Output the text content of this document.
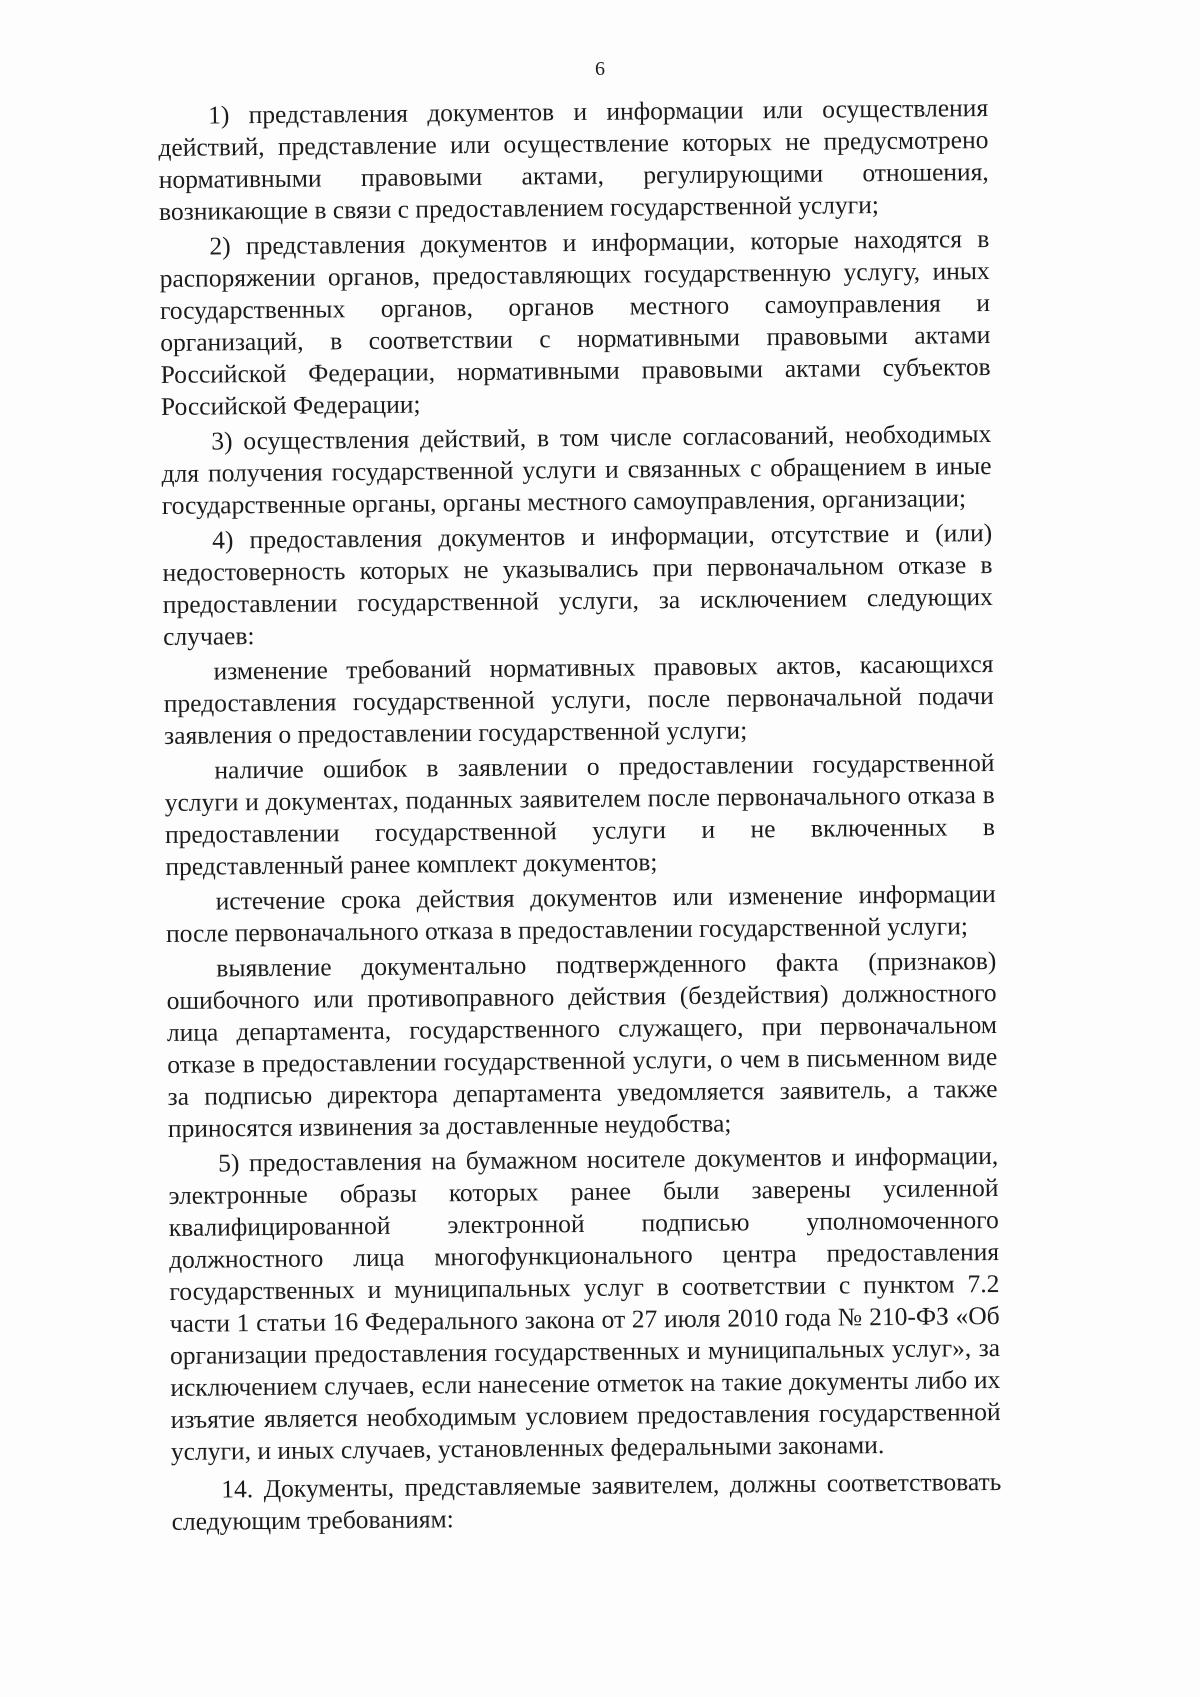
6

1) представления документов и информации или осуществления действий, представление или осуществление которых не предусмотрено нормативными правовыми актами, регулирующими отношения, возникающие в связи с предоставлением государственной услуги;

2) представления документов и информации, которые находятся в распоряжении органов, предоставляющих государственную услугу, иных государственных органов, органов местного самоуправления и организаций, в соответствии с нормативными правовыми актами Российской Федерации, нормативными правовыми актами субъектов Российской Федерации;

3) осуществления действий, в том числе согласований, необходимых для получения государственной услуги и связанных с обращением в иные государственные органы, органы местного самоуправления, организации;

4) предоставления документов и информации, отсутствие и (или) недостоверность которых не указывались при первоначальном отказе в предоставлении государственной услуги, за исключением следующих случаев:

изменение требований нормативных правовых актов, касающихся предоставления государственной услуги, после первоначальной подачи заявления о предоставлении государственной услуги;

наличие ошибок в заявлении о предоставлении государственной услуги и документах, поданных заявителем после первоначального отказа в предоставлении государственной услуги и не включенных в представленный ранее комплект документов;

истечение срока действия документов или изменение информации после первоначального отказа в предоставлении государственной услуги;

выявление документально подтвержденного факта (признаков) ошибочного или противоправного действия (бездействия) должностного лица департамента, государственного служащего, при первоначальном отказе в предоставлении государственной услуги, о чем в письменном виде за подписью директора департамента уведомляется заявитель, а также приносятся извинения за доставленные неудобства;

5) предоставления на бумажном носителе документов и информации, электронные образы которых ранее были заверены усиленной квалифицированной электронной подписью уполномоченного должностного лица многофункционального центра предоставления государственных и муниципальных услуг в соответствии с пунктом 7.2 части 1 статьи 16 Федерального закона от 27 июля 2010 года № 210-ФЗ «Об организации предоставления государственных и муниципальных услуг», за исключением случаев, если нанесение отметок на такие документы либо их изъятие является необходимым условием предоставления государственной услуги, и иных случаев, установленных федеральными законами.

14. Документы, представляемые заявителем, должны соответствовать следующим требованиям:
